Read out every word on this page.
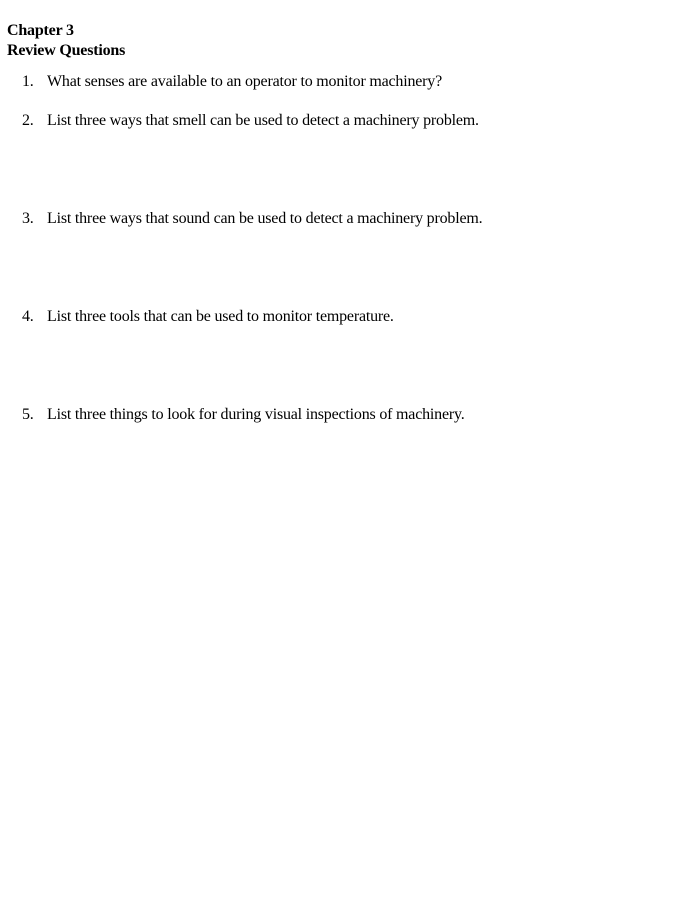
Chapter 3
Review Questions
1. What senses are available to an operator to monitor machinery?
2. List three ways that smell can be used to detect a machinery problem.
3. List three ways that sound can be used to detect a machinery problem.
4. List three tools that can be used to monitor temperature.
5. List three things to look for during visual inspections of machinery.
